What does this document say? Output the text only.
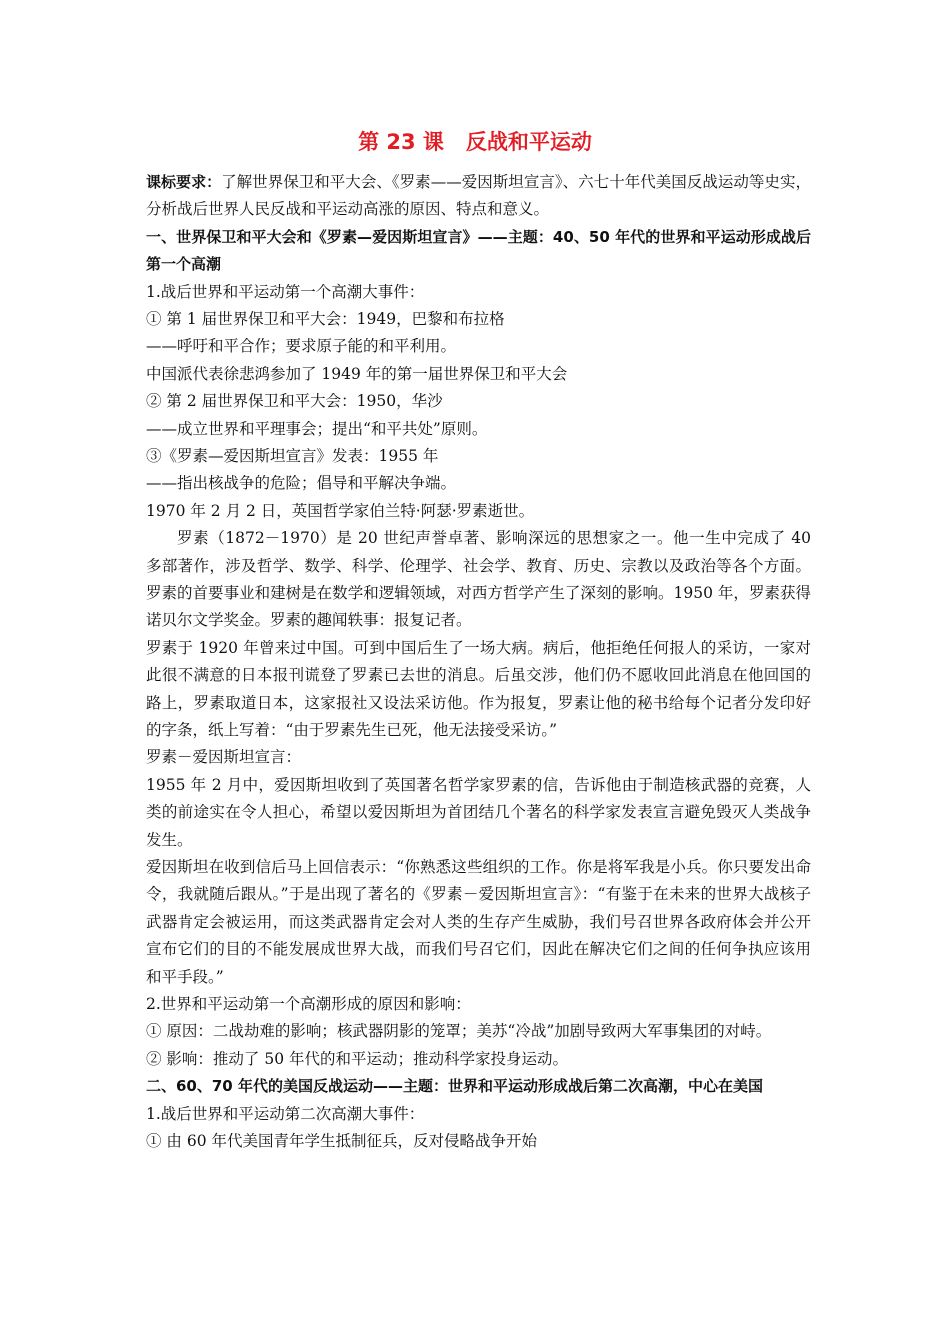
第 23 课 反战和平运动
课标要求：了解世界保卫和平大会、《罗素——爱因斯坦宣言》、六七十年代美国反战运动等史实，分析战后世界人民反战和平运动高涨的原因、特点和意义。
一、世界保卫和平大会和《罗素—爱因斯坦宣言》——主题：40、50 年代的世界和平运动形成战后第一个高潮
1.战后世界和平运动第一个高潮大事件：
① 第 1 届世界保卫和平大会：1949，巴黎和布拉格
——呼吁和平合作；要求原子能的和平利用。
中国派代表徐悲鸿参加了 1949 年的第一届世界保卫和平大会
② 第 2 届世界保卫和平大会：1950，华沙
——成立世界和平理事会；提出“和平共处”原则。
③《罗素—爱因斯坦宣言》发表：1955 年
——指出核战争的危险；倡导和平解决争端。
1970 年 2 月 2 日，英国哲学家伯兰特·阿瑟·罗素逝世。
罗素（1872－1970）是 20 世纪声誉卓著、影响深远的思想家之一。他一生中完成了 40 多部著作，涉及哲学、数学、科学、伦理学、社会学、教育、历史、宗教以及政治等各个方面。罗素的首要事业和建树是在数学和逻辑领域，对西方哲学产生了深刻的影响。1950 年，罗素获得诺贝尔文学奖金。罗素的趣闻轶事：报复记者。
罗素于 1920 年曾来过中国。可到中国后生了一场大病。病后，他拒绝任何报人的采访，一家对此很不满意的日本报刊谎登了罗素已去世的消息。后虽交涉，他们仍不愿收回此消息在他回国的路上，罗素取道日本，这家报社又设法采访他。作为报复，罗素让他的秘书给每个记者分发印好的字条，纸上写着：“由于罗素先生已死，他无法接受采访。”
罗素－爱因斯坦宣言：
1955 年 2 月中，爱因斯坦收到了英国著名哲学家罗素的信，告诉他由于制造核武器的竞赛，人类的前途实在令人担心，希望以爱因斯坦为首团结几个著名的科学家发表宣言避免毁灭人类战争发生。
爱因斯坦在收到信后马上回信表示：“你熟悉这些组织的工作。你是将军我是小兵。你只要发出命令，我就随后跟从。”于是出现了著名的《罗素－爱因斯坦宣言》：“有鉴于在未来的世界大战核子武器肯定会被运用，而这类武器肯定会对人类的生存产生威胁，我们号召世界各政府体会并公开宣布它们的目的不能发展成世界大战，而我们号召它们，因此在解决它们之间的任何争执应该用和平手段。”
2.世界和平运动第一个高潮形成的原因和影响：
① 原因：二战劫难的影响；核武器阴影的笼罩；美苏“冷战”加剧导致两大军事集团的对峙。
② 影响：推动了 50 年代的和平运动；推动科学家投身运动。
二、60、70 年代的美国反战运动——主题：世界和平运动形成战后第二次高潮，中心在美国
1.战后世界和平运动第二次高潮大事件：
① 由 60 年代美国青年学生抵制征兵，反对侵略战争开始
